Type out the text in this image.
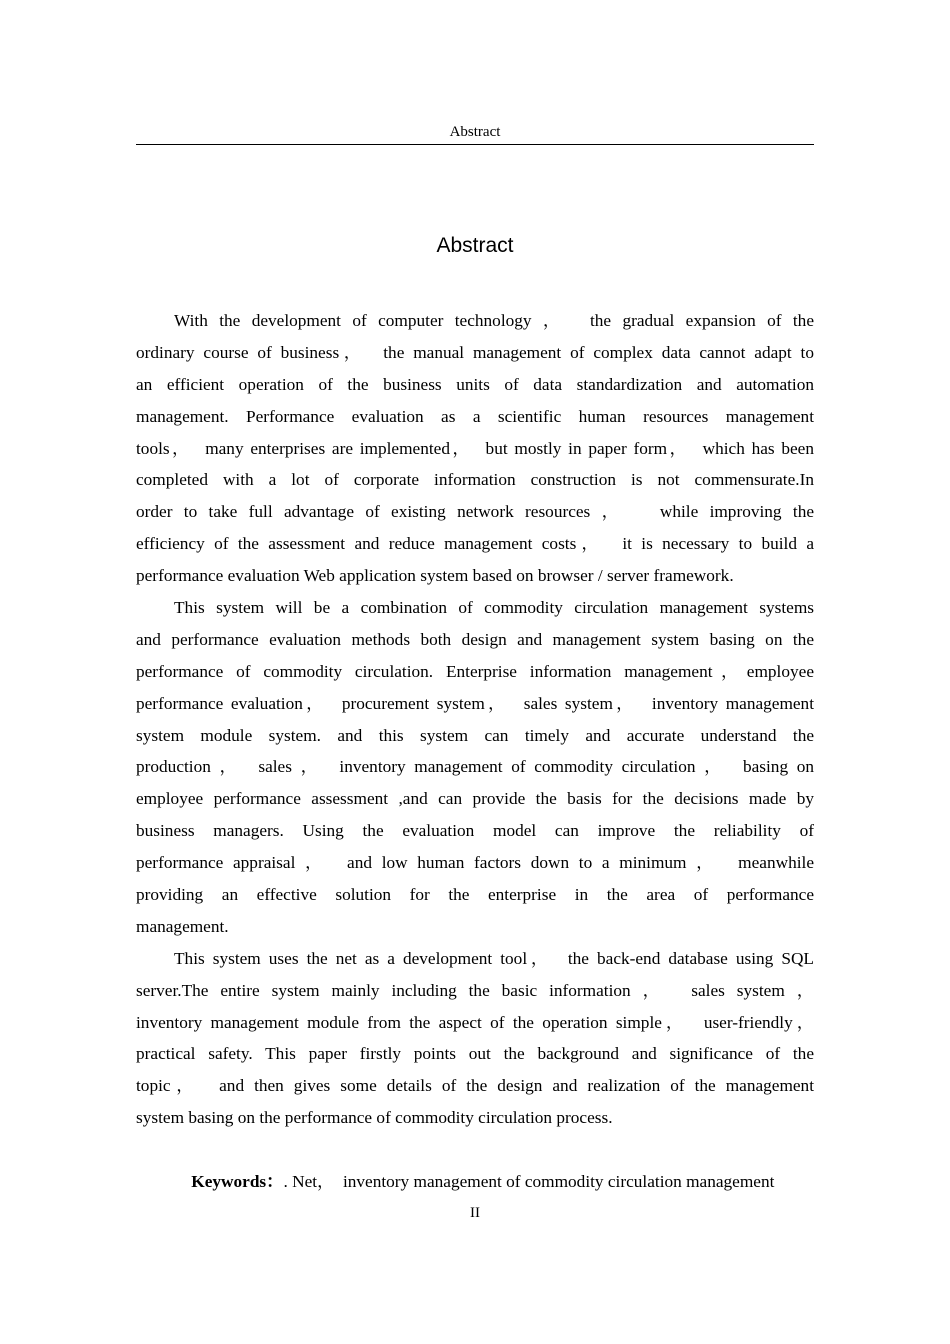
Abstract
Abstract
With the development of computer technology ，  the gradual expansion of the
ordinary course of business，  the manual management of complex data cannot adapt to
an efficient operation of the business units of data standardization and automation
management. Performance evaluation as a scientific human resources management
tools，  many enterprises are implemented，  but mostly in paper form，  which has been
completed with a lot of corporate information construction is not commensurate.In
order to take full advantage of existing network resources ，   while improving the
efficiency of the assessment and reduce management costs，  it is necessary to build a
performance evaluation Web application system based on browser / server framework.
This system will be a combination of commodity circulation management systems
and performance evaluation methods both design and management system basing on the
performance of commodity circulation. Enterprise information management，employee
performance evaluation，  procurement system，  sales system，  inventory management
system module system. and this system can timely and accurate understand the
production ，  sales ，  inventory management of commodity circulation ，  basing on
employee performance assessment ,and can provide the basis for the decisions made by
business managers. Using the evaluation model can improve the reliability of
performance appraisal ，  and low human factors down to a minimum ，  meanwhile
providing an effective solution for the enterprise in the area of performance
management.
This system uses the net as a development tool，  the back-end database using SQL
server.The entire system mainly including the basic information ，  sales system ，
inventory management module from the aspect of the operation simple，  user-friendly，
practical safety. This paper firstly points out the background and significance of the
topic，  and then gives some details of the design and realization of the management
system basing on the performance of commodity circulation process.

Keywords：. Net，  inventory management of commodity circulation management

II
